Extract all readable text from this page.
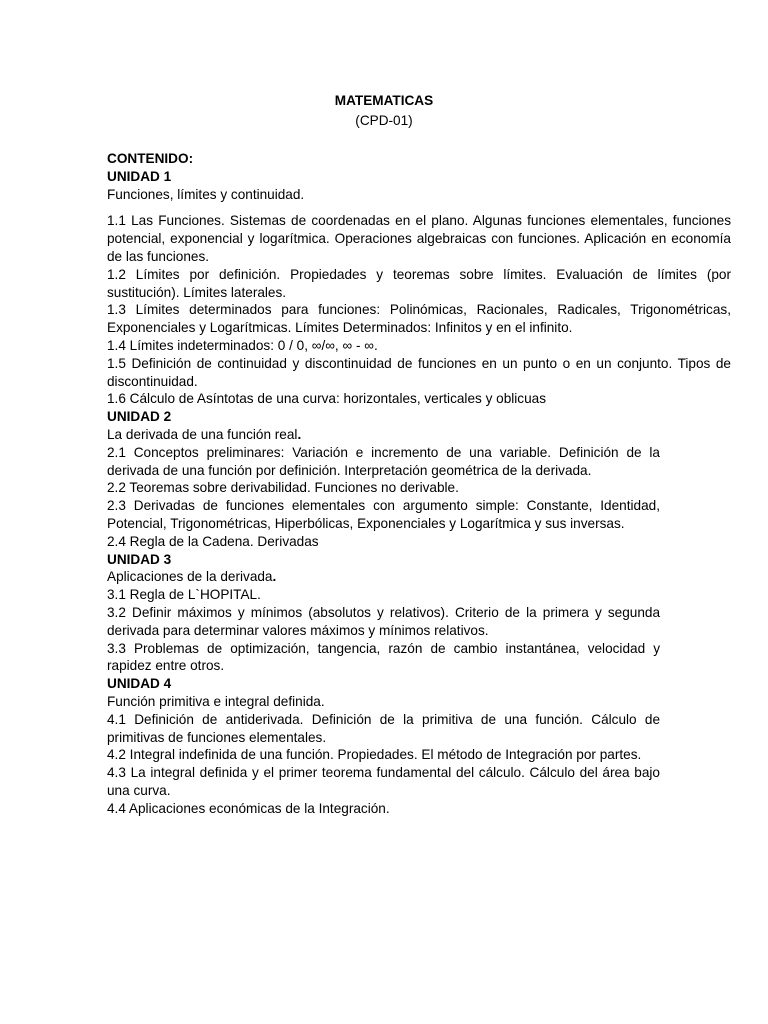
MATEMATICAS

(CPD-01)

CONTENIDO:

UNIDAD 1

Funciones, límites y continuidad.

1.1 Las Funciones. Sistemas de coordenadas en el plano. Algunas funciones elementales, funciones potencial, exponencial y logarítmica. Operaciones algebraicas con funciones. Aplicación en economía de las funciones.

1.2 Límites por definición. Propiedades y teoremas sobre límites. Evaluación de límites (por sustitución). Límites laterales.

1.3 Límites determinados para funciones: Polinómicas, Racionales, Radicales, Trigonométricas, Exponenciales y Logarítmicas. Límites Determinados: Infinitos y en el infinito.

1.4 Límites indeterminados: 0 / 0, ∞/∞, ∞ - ∞.

1.5 Definición de continuidad y discontinuidad de funciones en un punto o en un conjunto. Tipos de discontinuidad.

1.6 Cálculo de Asíntotas de una curva: horizontales, verticales y oblicuas

UNIDAD 2

La derivada de una función real.

2.1 Conceptos preliminares: Variación e incremento de una variable. Definición de la derivada de una función por definición. Interpretación geométrica de la derivada.

2.2 Teoremas sobre derivabilidad. Funciones no derivable.

2.3 Derivadas de funciones elementales con argumento simple: Constante, Identidad, Potencial, Trigonométricas, Hiperbólicas, Exponenciales y Logarítmica y sus inversas.

2.4 Regla de la Cadena. Derivadas

UNIDAD 3

Aplicaciones de la derivada.

3.1 Regla de L`HOPITAL.

3.2 Definir máximos y mínimos (absolutos y relativos). Criterio de la primera y segunda derivada para determinar valores máximos y mínimos relativos.

3.3 Problemas de optimización, tangencia, razón de cambio instantánea, velocidad y rapidez entre otros.

UNIDAD 4

Función primitiva e integral definida.

4.1 Definición de antiderivada. Definición de la primitiva de una función. Cálculo de primitivas de funciones elementales.

4.2 Integral indefinida de una función. Propiedades. El método de Integración por partes.

4.3 La integral definida y el primer teorema fundamental del cálculo. Cálculo del área bajo una curva.

4.4 Aplicaciones económicas de la Integración.
